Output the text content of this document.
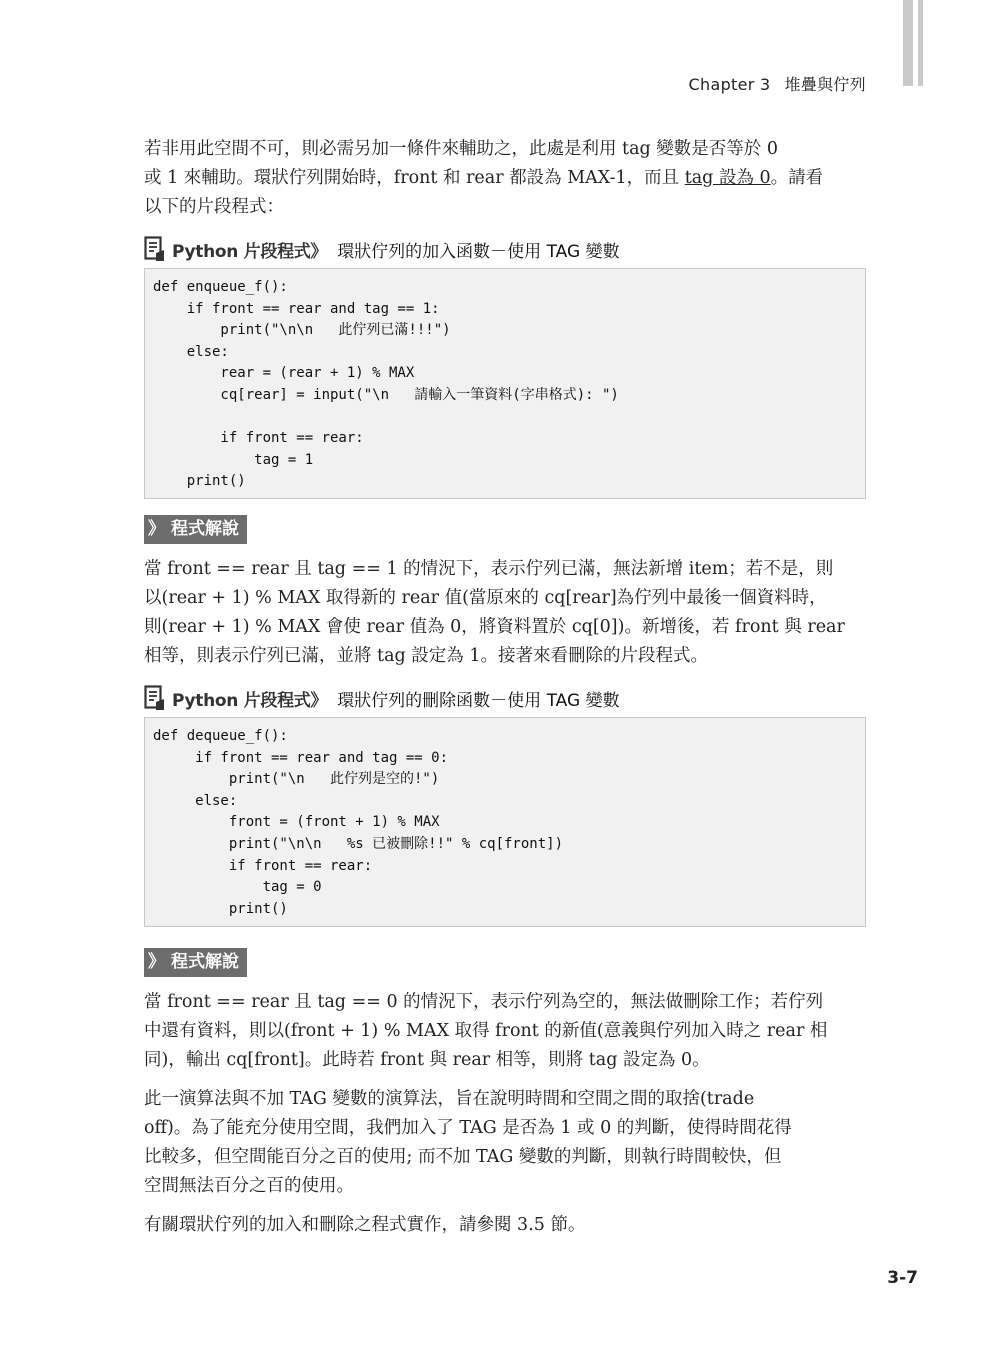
Chapter 3 堆疊與佇列

若非用此空間不可，則必需另加一條件來輔助之，此處是利用 tag 變數是否等於 0

或 1 來輔助。環狀佇列開始時，front 和 rear 都設為 MAX-1，而且 tag 設為 0。請看

以下的片段程式：

Python 片段程式》 環狀佇列的加入函數－使用 TAG 變數
def enqueue_f():
if front == rear and tag == 1:
print("\n\n   此佇列已滿!!!")
else:
rear = (rear + 1) % MAX
cq[rear] = input("\n   請輸入一筆資料(字串格式): ")
if front == rear:
tag = 1
print()
》 程式解說

當 front == rear 且 tag == 1 的情況下，表示佇列已滿，無法新增 item；若不是，則

以(rear + 1) % MAX 取得新的 rear 值(當原來的 cq[rear]為佇列中最後一個資料時，

則(rear + 1) % MAX 會使 rear 值為 0，將資料置於 cq[0])。新增後，若 front 與 rear

相等，則表示佇列已滿，並將 tag 設定為 1。接著來看刪除的片段程式。

Python 片段程式》 環狀佇列的刪除函數－使用 TAG 變數
def dequeue_f():
if front == rear and tag == 0:
print("\n   此佇列是空的!")
else:
front = (front + 1) % MAX
print("\n\n   %s 已被刪除!!" % cq[front])
if front == rear:
tag = 0
print()
》 程式解說

當 front == rear 且 tag == 0 的情況下，表示佇列為空的，無法做刪除工作；若佇列

中還有資料，則以(front + 1) % MAX 取得 front 的新值(意義與佇列加入時之 rear 相

同)，輸出 cq[front]。此時若 front 與 rear 相等，則將 tag 設定為 0。

此一演算法與不加 TAG 變數的演算法，旨在說明時間和空間之間的取捨(trade

off)。為了能充分使用空間，我們加入了 TAG 是否為 1 或 0 的判斷，使得時間花得

比較多，但空間能百分之百的使用; 而不加 TAG 變數的判斷，則執行時間較快，但

空間無法百分之百的使用。

有關環狀佇列的加入和刪除之程式實作，請參閱 3.5 節。

3-7
